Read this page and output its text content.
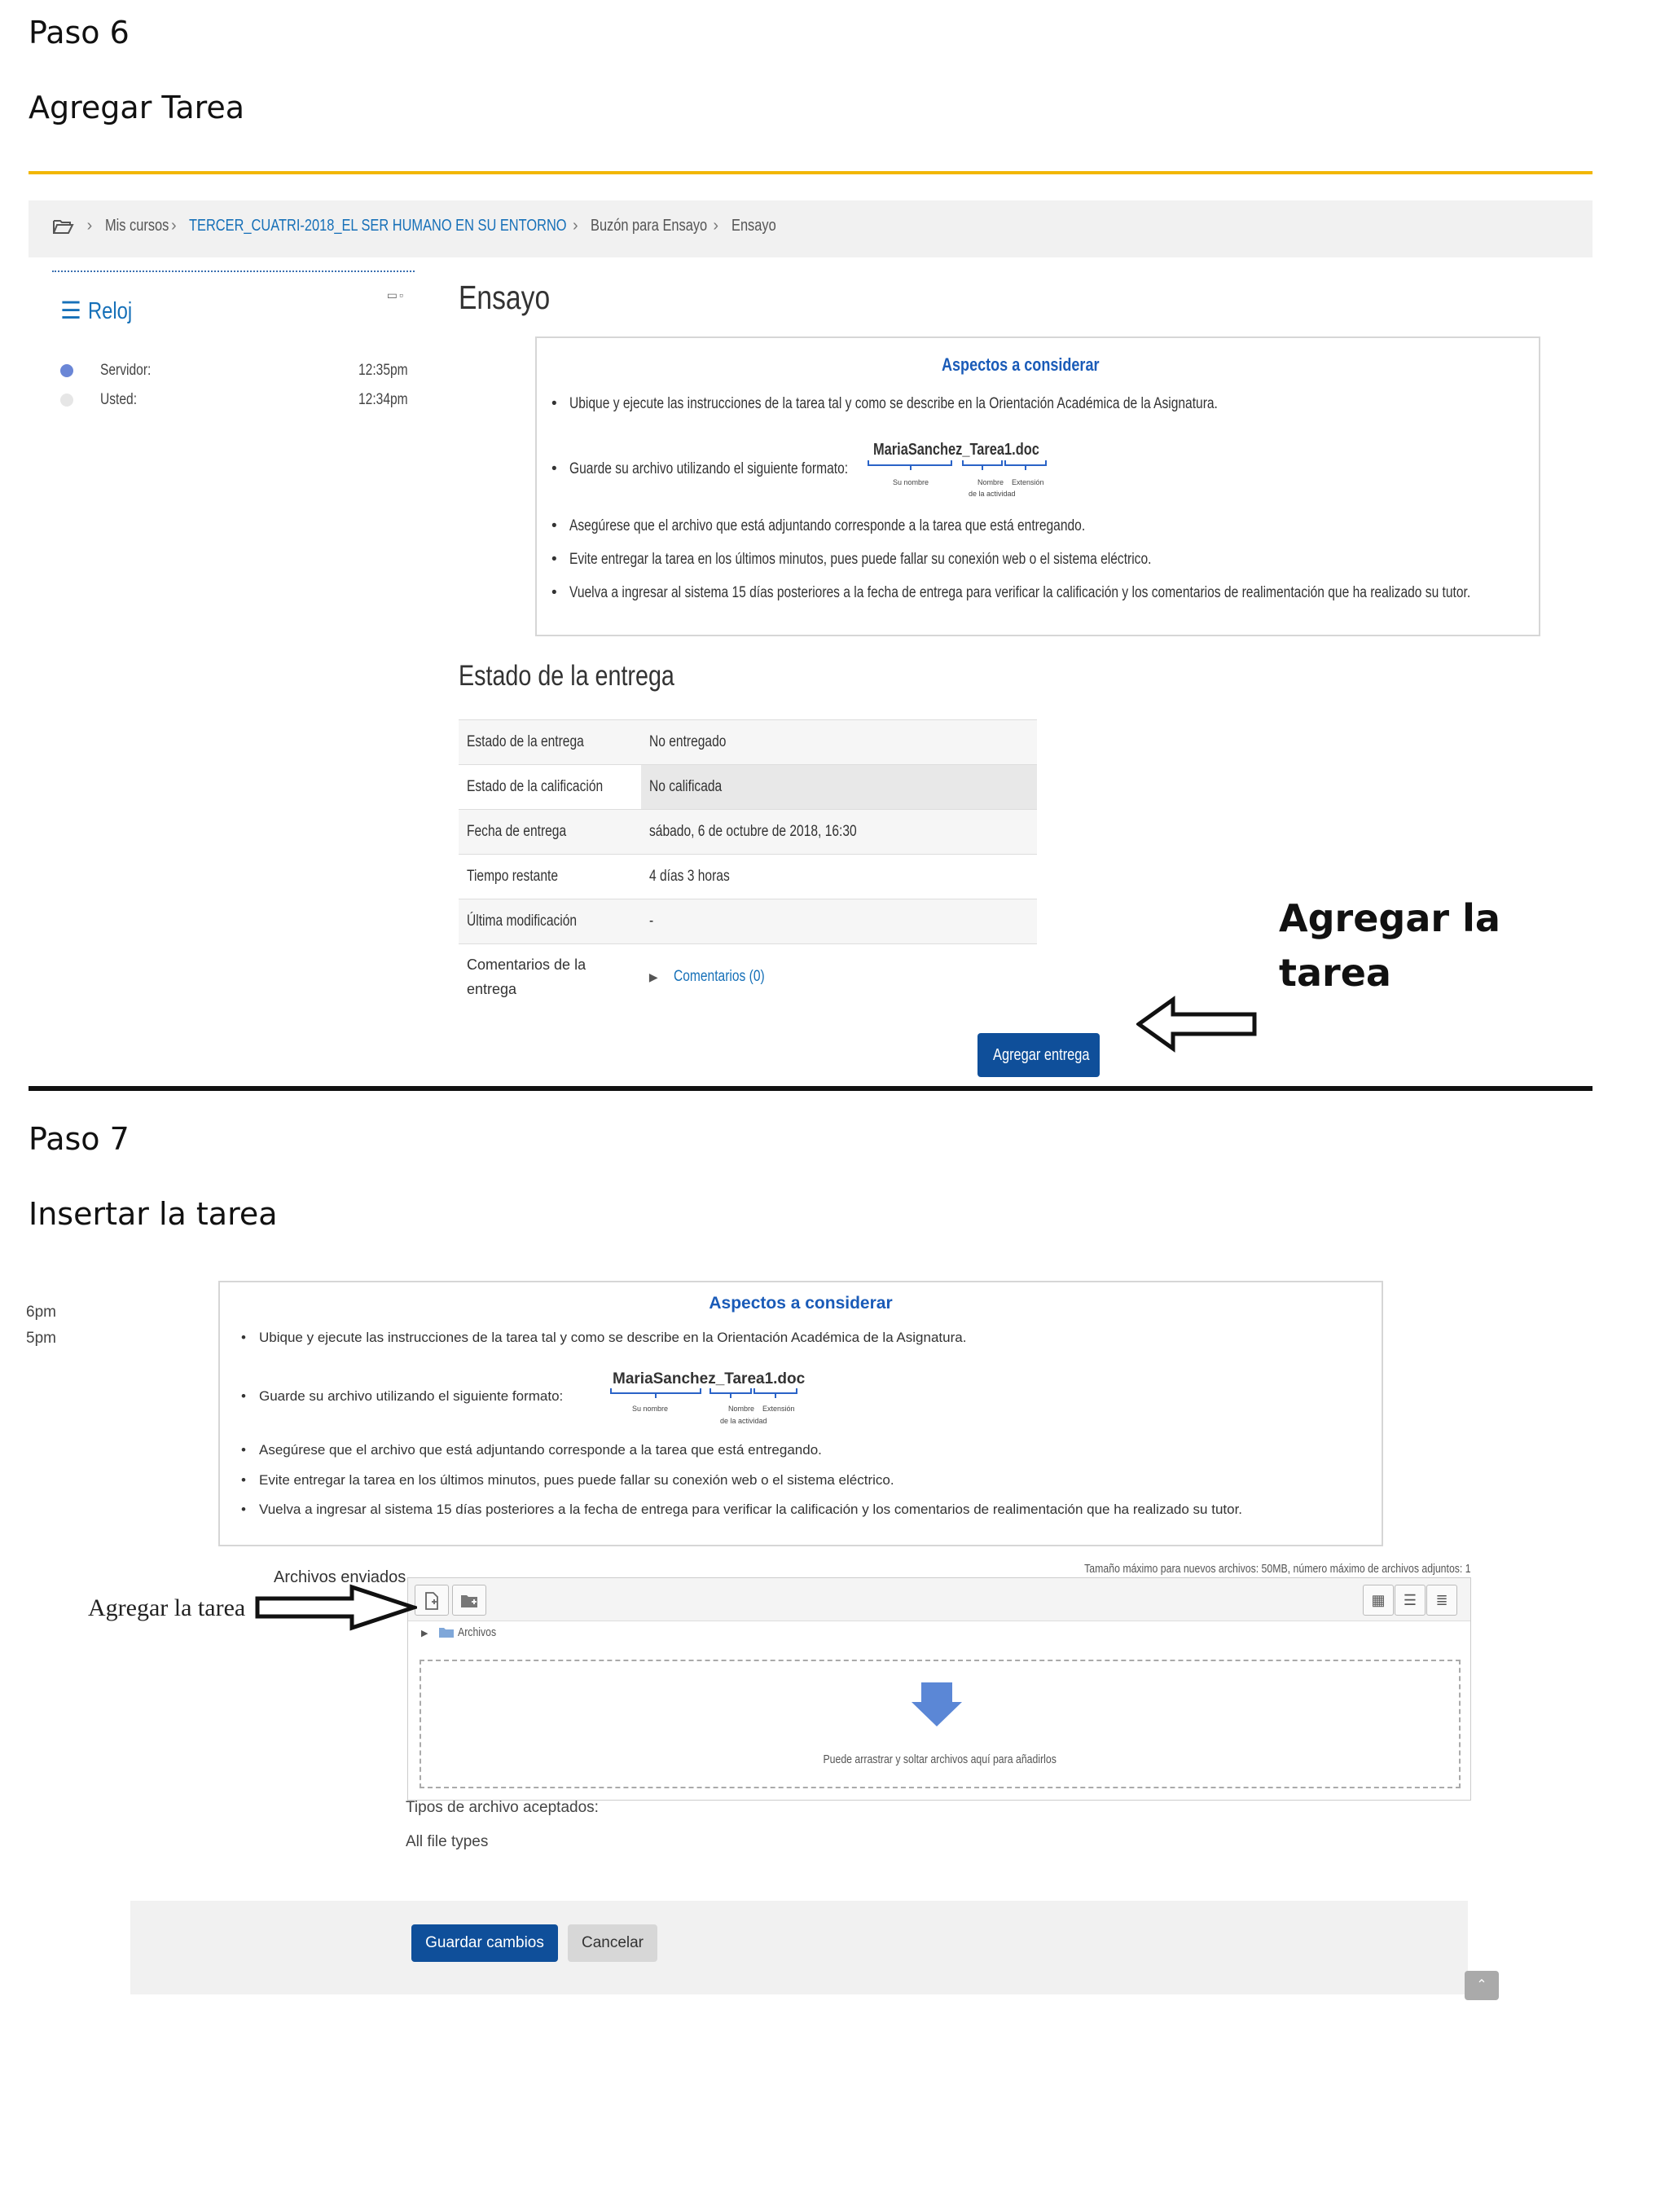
Paso 6
Agregar Tarea
› Mis cursos › TERCER_CUATRI-2018_EL SER HUMANO EN SU ENTORNO › Buzón para Ensayo › Ensayo
☰ Reloj
▭▫
Servidor:	12:35pm
Usted:	12:34pm
Ensayo
Aspectos a considerar
• Ubique y ejecute las instrucciones de la tarea tal y como se describe en la Orientación Académica de la Asignatura.
• Guarde su archivo utilizando el siguiente formato:
MariaSanchez_Tarea1.doc
Su nombre	Nombre
de la actividad
Extensión
• Asegúrese que el archivo que está adjuntando corresponde a la tarea que está entregando.
• Evite entregar la tarea en los últimos minutos, pues puede fallar su conexión web o el sistema eléctrico.
• Vuelva a ingresar al sistema 15 días posteriores a la fecha de entrega para verificar la calificación y los comentarios de realimentación que ha realizado su tutor.
Estado de la entrega
Estado de la entrega	No entregado
Estado de la calificación	No calificada
Fecha de entrega	sábado, 6 de octubre de 2018, 16:30
Tiempo restante	4 días 3 horas
Última modificación	-
Comentarios de la entrega	▶ Comentarios (0)
Agregar entrega
Agregar la
tarea
Paso 7
Insertar la tarea
6pm
5pm
Aspectos a considerar
• Ubique y ejecute las instrucciones de la tarea tal y como se describe en la Orientación Académica de la Asignatura.
• Guarde su archivo utilizando el siguiente formato:
MariaSanchez_Tarea1.doc
Su nombre	Nombre
de la actividad
Extensión
• Asegúrese que el archivo que está adjuntando corresponde a la tarea que está entregando.
• Evite entregar la tarea en los últimos minutos, pues puede fallar su conexión web o el sistema eléctrico.
• Vuelva a ingresar al sistema 15 días posteriores a la fecha de entrega para verificar la calificación y los comentarios de realimentación que ha realizado su tutor.
Archivos enviados	Tamaño máximo para nuevos archivos: 50MB, número máximo de archivos adjuntos: 1
▦	☰	≣
▶ Archivos
Puede arrastrar y soltar archivos aquí para añadirlos
Tipos de archivo aceptados:
All file types
Agregar la tarea
Guardar cambios	Cancelar
⌃
